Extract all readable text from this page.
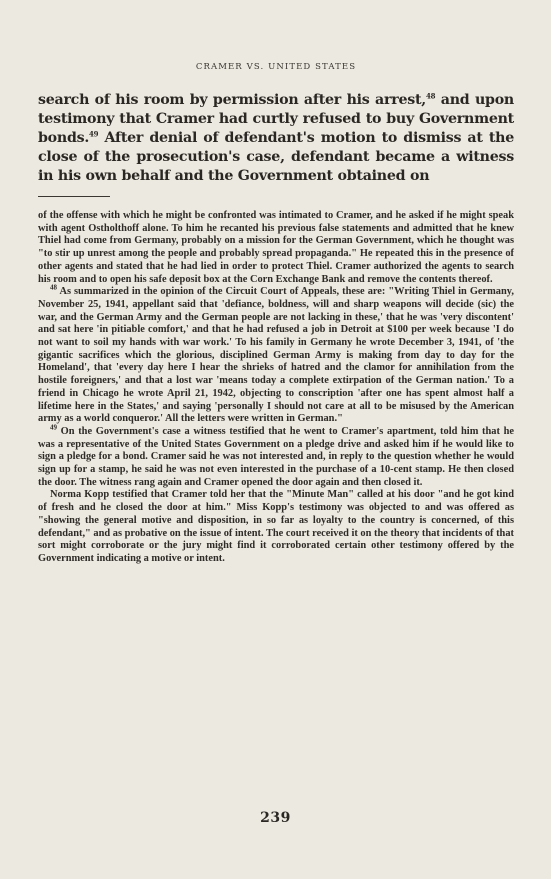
CRAMER VS. UNITED STATES

search of his room by permission after his arrest,$^{48}$ and upon testimony that Cramer had curtly refused to buy Government bonds.$^{49}$ After denial of defendant's motion to dismiss at the close of the prosecution's case, defendant became a witness in his own behalf and the Government obtained on

of the offense with which he might be confronted was intimated to Cramer, and he asked if he might speak with agent Ostholthoff alone. To him he recanted his previous false statements and admitted that he knew Thiel had come from Germany, probably on a mission for the German Government, which he thought was "to stir up unrest among the people and probably spread propaganda." He repeated this in the presence of other agents and stated that he had lied in order to protect Thiel. Cramer authorized the agents to search his room and to open his safe deposit box at the Corn Exchange Bank and remove the contents thereof.

$^{48}$ As summarized in the opinion of the Circuit Court of Appeals, these are: "Writing Thiel in Germany, November 25, 1941, appellant said that 'defiance, boldness, will and sharp weapons will decide (sic) the war, and the German Army and the German people are not lacking in these,' that he was 'very discontent' and sat here 'in pitiable comfort,' and that he had refused a job in Detroit at $100 per week because 'I do not want to soil my hands with war work.' To his family in Germany he wrote December 3, 1941, of 'the gigantic sacrifices which the glorious, disciplined German Army is making from day to day for the Homeland', that 'every day here I hear the shrieks of hatred and the clamor for annihilation from the hostile foreigners,' and that a lost war 'means today a complete extirpation of the German nation.' To a friend in Chicago he wrote April 21, 1942, objecting to conscription 'after one has spent almost half a lifetime here in the States,' and saying 'personally I should not care at all to be misused by the American army as a world conqueror.' All the letters were written in German."

$^{49}$ On the Government's case a witness testified that he went to Cramer's apartment, told him that he was a representative of the United States Government on a pledge drive and asked him if he would like to sign a pledge for a bond. Cramer said he was not interested and, in reply to the question whether he would sign up for a stamp, he said he was not even interested in the purchase of a 10-cent stamp. He then closed the door. The witness rang again and Cramer opened the door again and then closed it.

Norma Kopp testified that Cramer told her that the "Minute Man" called at his door "and he got kind of fresh and he closed the door at him." Miss Kopp's testimony was objected to and was offered as "showing the general motive and disposition, in so far as loyalty to the country is concerned, of this defendant," and as probative on the issue of intent. The court received it on the theory that incidents of that sort might corroborate or the jury might find it corroborated certain other testimony offered by the Government indicating a motive or intent.

239
